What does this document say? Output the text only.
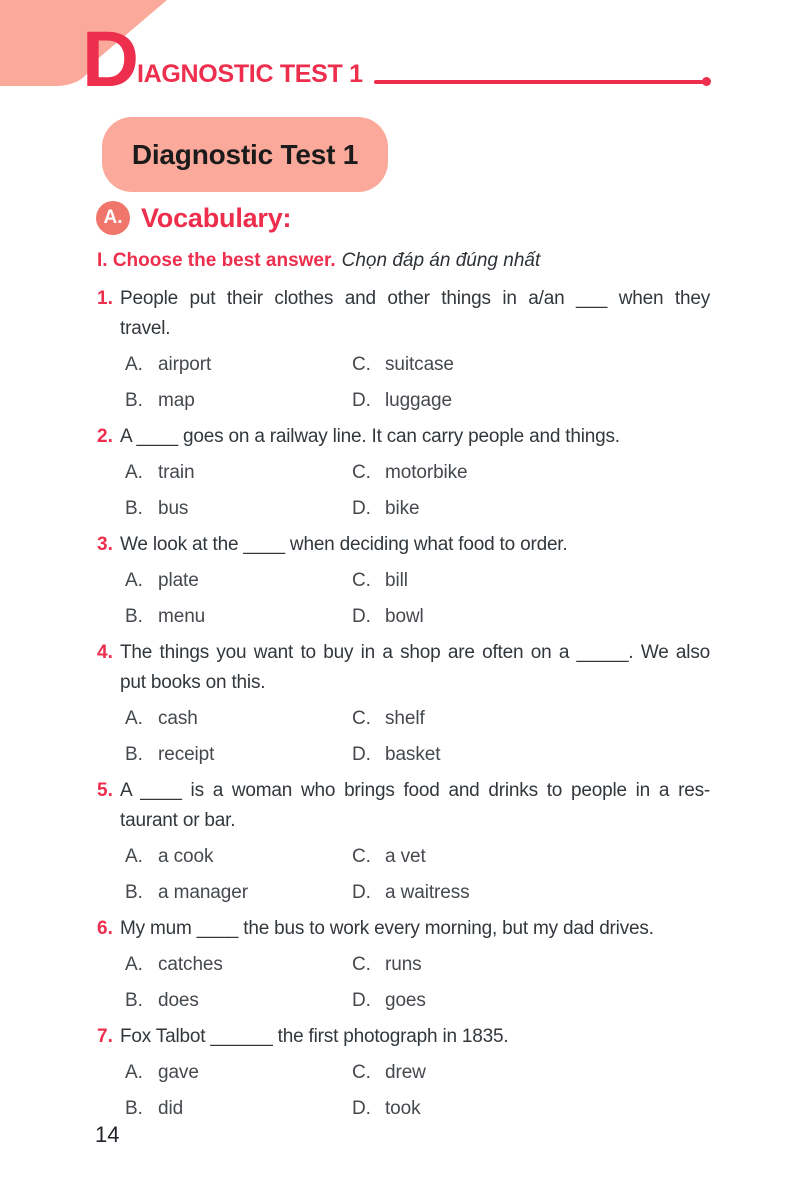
D
IAGNOSTIC TEST 1
Diagnostic Test 1
A. Vocabulary:
I. Choose the best answer. Chọn đáp án đúng nhất
1. People put their clothes and other things in a/an ___ when they
travel.
A. airport
B. map
C. suitcase
D. luggage
2. A ____ goes on a railway line. It can carry people and things.
A. train
B. bus
C. motorbike
D. bike
3. We look at the ____ when deciding what food to order.
A. plate
B. menu
C. bill
D. bowl
4. The things you want to buy in a shop are often on a _____. We also
put books on this.
A. cash
B. receipt
C. shelf
D. basket
5. A ____ is a woman who brings food and drinks to people in a res-
taurant or bar.
A. a cook
B. a manager
C. a vet
D. a waitress
6. My mum ____ the bus to work every morning, but my dad drives.
A. catches
B. does
C. runs
D. goes
7. Fox Talbot ______ the first photograph in 1835.
A. gave
B. did
C. drew
D. took
14
